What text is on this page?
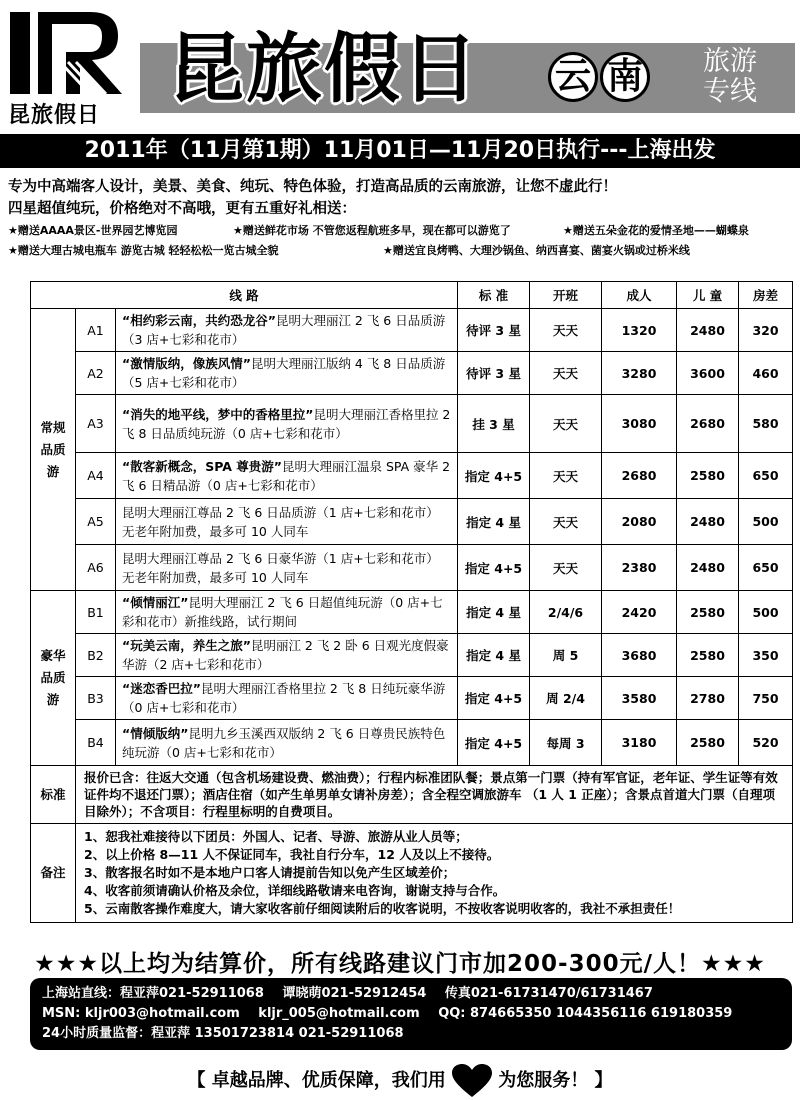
昆旅假日
昆旅假日 云 南	旅游
专线
2011年（11月第1期）11月01日—11月20日执行---上海出发
专为中高端客人设计，美景、美食、纯玩、特色体验，打造高品质的云南旅游，让您不虚此行！
四星超值纯玩，价格绝对不高哦，更有五重好礼相送：
★赠送AAAA景区-世界园艺博览园	★赠送鲜花市场 不管您返程航班多早，现在都可以游览了	★赠送五朵金花的爱情圣地——蝴蝶泉
★赠送大理古城电瓶车 游览古城 轻轻松松一览古城全貌	★赠送宜良烤鸭、大理沙锅鱼、纳西喜宴、菌宴火锅或过桥米线
线 路			标 准	开班	成人	儿 童	房差
常规品质游	A1	“相约彩云南，共约恐龙谷”昆明大理丽江 2 飞 6 日品质游（3 店+七彩和花市）	待评 3 星	天天	1320	2480	320
	A2	“激情版纳，像族风情”昆明大理丽江版纳 4 飞 8 日品质游（5 店+七彩和花市）	待评 3 星	天天	3280	3600	460
	A3	“消失的地平线，梦中的香格里拉”昆明大理丽江香格里拉 2 飞 8 日品质纯玩游（0 店+七彩和花市）	挂 3 星	天天	3080	2680	580
	A4	“散客新概念，SPA 尊贵游”昆明大理丽江温泉 SPA 豪华 2 飞 6 日精品游（0 店+七彩和花市）	指定 4+5	天天	2680	2580	650
	A5	昆明大理丽江尊品 2 飞 6 日品质游（1 店+七彩和花市）无老年附加费，最多可 10 人同车	指定 4 星	天天	2080	2480	500
	A6	昆明大理丽江尊品 2 飞 6 日豪华游（1 店+七彩和花市）无老年附加费，最多可 10 人同车	指定 4+5	天天	2380	2480	650
豪华品质游	B1	“倾情丽江”昆明大理丽江 2 飞 6 日超值纯玩游（0 店+七彩和花市）新推线路，试行期间	指定 4 星	2/4/6	2420	2580	500
	B2	“玩美云南，养生之旅”昆明丽江 2 飞 2 卧 6 日观光度假豪华游（2 店+七彩和花市）	指定 4 星	周 5	3680	2580	350
	B3	“迷恋香巴拉”昆明大理丽江香格里拉 2 飞 8 日纯玩豪华游（0 店+七彩和花市）	指定 4+5	周 2/4	3580	2780	750
	B4	“情倾版纳”昆明九乡玉溪西双版纳 2 飞 6 日尊贵民族特色纯玩游（0 店+七彩和花市）	指定 4+5	每周 3	3180	2580	520
标准	报价已含：往返大交通（包含机场建设费、燃油费）；行程内标准团队餐；景点第一门票（持有军官证，老年证、学生证等有效证件均不退还门票）；酒店住宿（如产生单男单女请补房差）；含全程空调旅游车 （1 人 1 正座）；含景点首道大门票（自理项目除外）；不含项目：行程里标明的自费项目。						
备注	1、恕我社难接待以下团员：外国人、记者、导游、旅游从业人员等；
2、以上价格 8—11 人不保证同车，我社自行分车，12 人及以上不接待。
3、散客报名时如不是本地户口客人请提前告知以免产生区域差价；
4、收客前须请确认价格及余位，详细线路敬请来电咨询，谢谢支持与合作。
5、云南散客操作难度大，请大家收客前仔细阅读附后的收客说明，不按收客说明收客的，我社不承担责任！						
★★★以上均为结算价，所有线路建议门市加200-300元/人！★★★
上海站直线：程亚萍021-52911068 谭晓萌021-52912454 传真021-61731470/61731467
MSN: kljr003@hotmail.com kljr_005@hotmail.com QQ: 874665350 1044356116 619180359
24小时质量监督：程亚萍 13501723814 021-52911068
【 卓越品牌、优质保障，我们用	为您服务！ 】
